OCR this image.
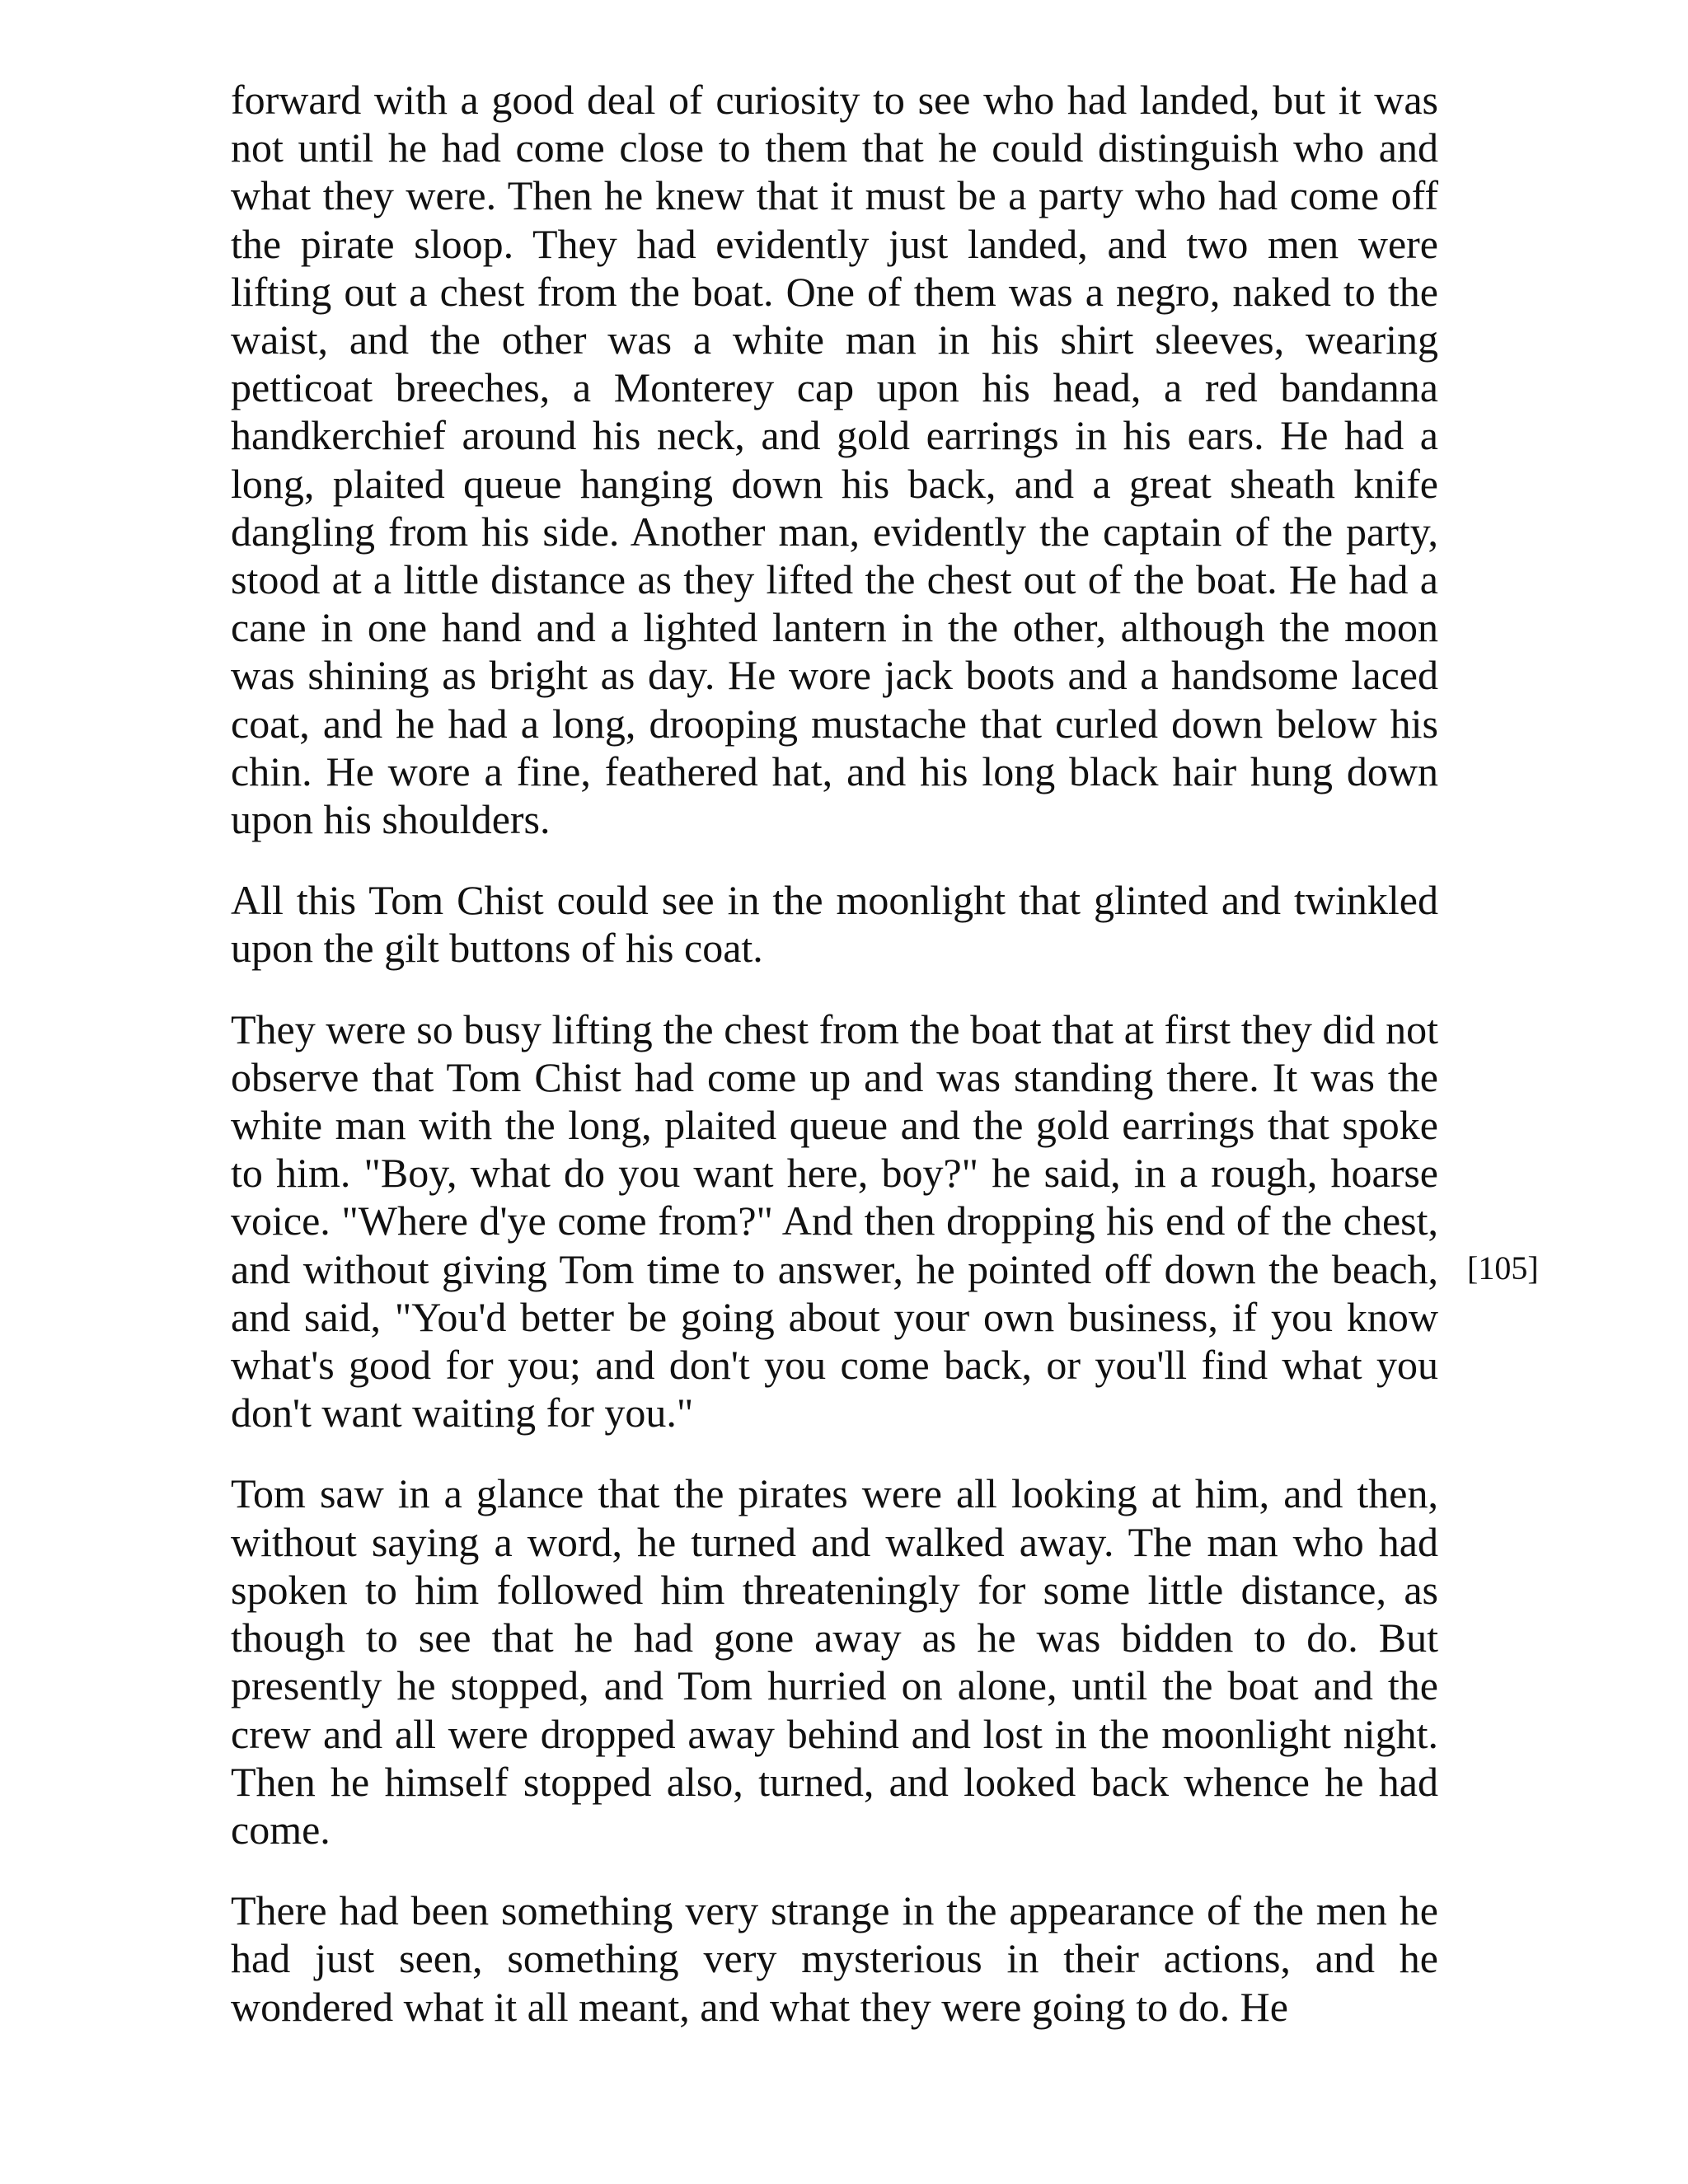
forward with a good deal of curiosity to see who had landed, but it was not until he had come close to them that he could distinguish who and what they were. Then he knew that it must be a party who had come off the pirate sloop. They had evidently just landed, and two men were lifting out a chest from the boat. One of them was a negro, naked to the waist, and the other was a white man in his shirt sleeves, wearing petticoat breeches, a Monterey cap upon his head, a red bandanna handkerchief around his neck, and gold earrings in his ears. He had a long, plaited queue hanging down his back, and a great sheath knife dangling from his side. Another man, evidently the captain of the party, stood at a little distance as they lifted the chest out of the boat. He had a cane in one hand and a lighted lantern in the other, although the moon was shining as bright as day. He wore jack boots and a handsome laced coat, and he had a long, drooping mustache that curled down below his chin. He wore a fine, feathered hat, and his long black hair hung down upon his shoulders.

All this Tom Chist could see in the moonlight that glinted and twinkled upon the gilt buttons of his coat.

They were so busy lifting the chest from the boat that at first they did not observe that Tom Chist had come up and was standing there. It was the white man with the long, plaited queue and the gold earrings that spoke to him. "Boy, what do you want here, boy?" he said, in a rough, hoarse voice. "Where d'ye come from?" And then dropping his end of the chest, and without giving Tom time to answer, he pointed off down the beach, and said, "You'd better be going about your own business, if you know what's good for you; and don't you come back, or you'll find what you don't want waiting for you."

Tom saw in a glance that the pirates were all looking at him, and then, without saying a word, he turned and walked away. The man who had spoken to him followed him threateningly for some little distance, as though to see that he had gone away as he was bidden to do. But presently he stopped, and Tom hurried on alone, until the boat and the crew and all were dropped away behind and lost in the moonlight night. Then he himself stopped also, turned, and looked back whence he had come.

There had been something very strange in the appearance of the men he had just seen, something very mysterious in their actions, and he wondered what it all meant, and what they were going to do. He

[105]
